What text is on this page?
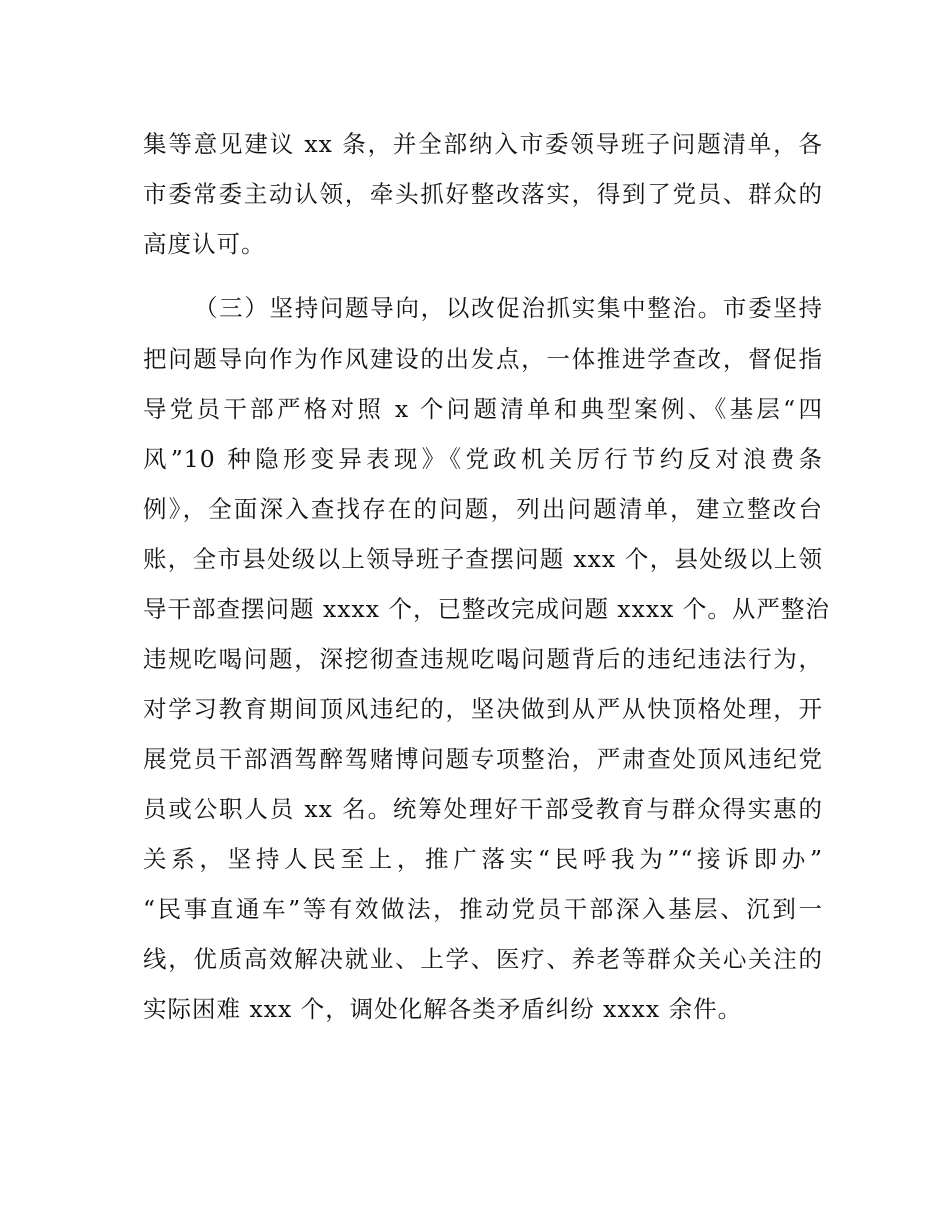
集等意见建议 xx 条，并全部纳入市委领导班子问题清单，各
市委常委主动认领，牵头抓好整改落实，得到了党员、群众的
高度认可。
（三）坚持问题导向，以改促治抓实集中整治。市委坚持
把问题导向作为作风建设的出发点，一体推进学查改，督促指
导党员干部严格对照 x 个问题清单和典型案例、《基层“四
风”10 种隐形变异表现》《党政机关厉行节约反对浪费条
例》，全面深入查找存在的问题，列出问题清单，建立整改台
账，全市县处级以上领导班子查摆问题 xxx 个，县处级以上领
导干部查摆问题 xxxx 个，已整改完成问题 xxxx 个。从严整治
违规吃喝问题，深挖彻查违规吃喝问题背后的违纪违法行为，
对学习教育期间顶风违纪的，坚决做到从严从快顶格处理，开
展党员干部酒驾醉驾赌博问题专项整治，严肃查处顶风违纪党
员或公职人员 xx 名。统筹处理好干部受教育与群众得实惠的
关系，坚持人民至上，推广落实“民呼我为”“接诉即办”
“民事直通车”等有效做法，推动党员干部深入基层、沉到一
线，优质高效解决就业、上学、医疗、养老等群众关心关注的
实际困难 xxx 个，调处化解各类矛盾纠纷 xxxx 余件。
